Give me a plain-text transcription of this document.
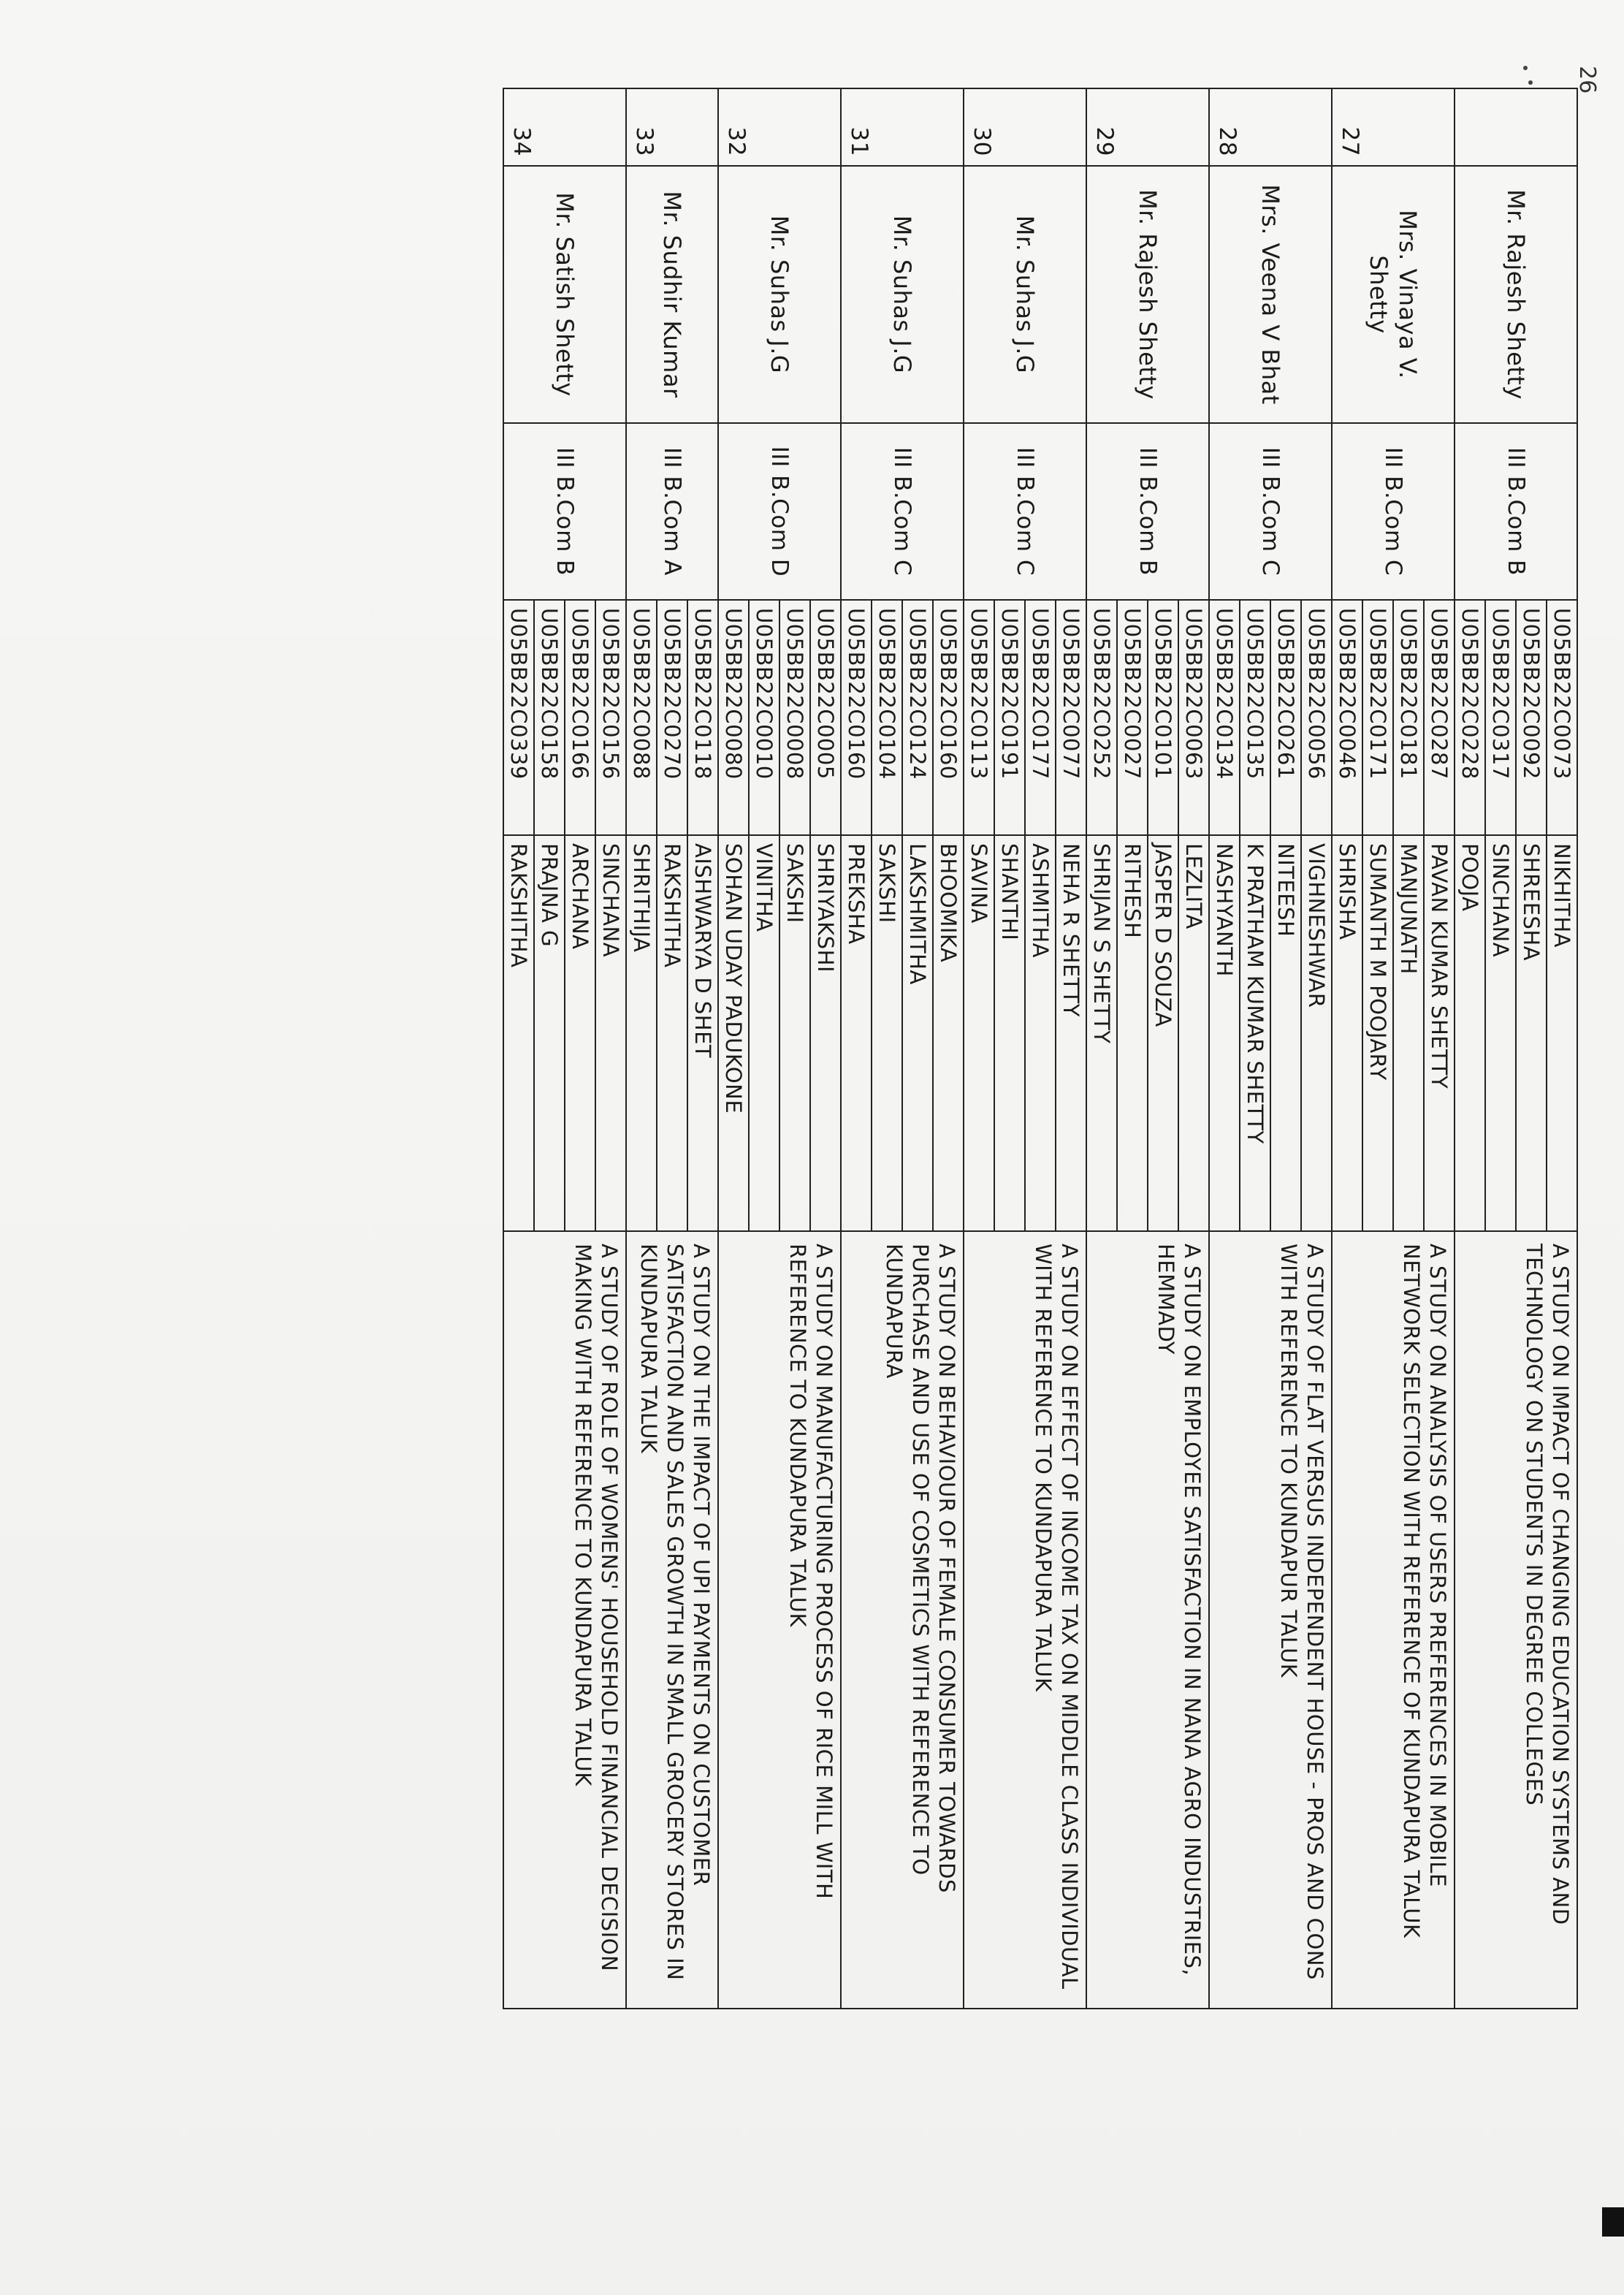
26
	Mr. Rajesh Shetty	III B.Com B	U05BB22C0073	NIKHITHA	A STUDY ON IMPACT OF CHANGING EDUCATION SYSTEMS AND TECHNOLOGY ON STUDENTS IN DEGREE COLLEGES
			U05BB22C0092	SHREESHA	
			U05BB22C0317	SINCHANA	
			U05BB22C0228	POOJA	
27	Mrs. Vinaya V. Shetty	III B.Com C	U05BB22C0287	PAVAN KUMAR SHETTY	A STUDY ON ANALYSIS OF USERS PREFERENCES IN MOBILE NETWORK SELECTION WITH REFERENCE OF KUNDAPURA TALUK
			U05BB22C0181	MANJUNATH	
			U05BB22C0171	SUMANTH M POOJARY	
			U05BB22C0046	SHRISHA	
28	Mrs. Veena V Bhat	III B.Com C	U05BB22C0056	VIGHNESHWAR	A STUDY OF FLAT VERSUS INDEPENDENT HOUSE - PROS AND CONS WITH REFERENCE TO KUNDAPUR TALUK
			U05BB22C0261	NITEESH	
			U05BB22C0135	K PRATHAM KUMAR SHETTY	
			U05BB22C0134	NASHYANTH	
29	Mr. Rajesh Shetty	III B.Com B	U05BB22C0063	LEZLITA	A STUDY ON EMPLOYEE SATISFACTION IN NANA AGRO INDUSTRIES, HEMMADY
			U05BB22C0101	JASPER D SOUZA	
			U05BB22C0027	RITHESH	
			U05BB22C0252	SHRIJAN S SHETTY	
30	Mr. Suhas J.G	III B.Com C	U05BB22C0077	NEHA R SHETTY	A STUDY ON EFFECT OF INCOME TAX ON MIDDLE CLASS INDIVIDUAL WITH REFERENCE TO KUNDAPURA TALUK
			U05BB22C0177	ASHMITHA	
			U05BB22C0191	SHANTHI	
			U05BB22C0113	SAVINA	
31	Mr. Suhas J.G	III B.Com C	U05BB22C0160	BHOOMIKA	A STUDY ON BEHAVIOUR OF FEMALE CONSUMER TOWARDS PURCHASE AND USE OF COSMETICS WITH REFERENCE TO KUNDAPURA
			U05BB22C0124	LAKSHMITHA	
			U05BB22C0104	SAKSHI	
			U05BB22C0160	PREKSHA	
32	Mr. Suhas J.G	III B.Com D	U05BB22C0005	SHRIYAKSHI	A STUDY ON MANUFACTURING PROCESS OF RICE MILL WITH REFERENCE TO KUNDAPURA TALUK
			U05BB22C0008	SAKSHI	
			U05BB22C0010	VINITHA	
			U05BB22C0080	SOHAN UDAY PADUKONE	
33	Mr. Sudhir Kumar	III B.Com A	U05BB22C0118	AISHWARYA D SHET	A STUDY ON THE IMPACT OF UPI PAYMENTS ON CUSTOMER SATISFACTION AND SALES GROWTH IN SMALL GROCERY STORES IN KUNDAPURA TALUK
			U05BB22C0270	RAKSHITHA	
			U05BB22C0088	SHRITHIJA	
34	Mr. Satish Shetty	III B.Com B	U05BB22C0156	SINCHANA	A STUDY OF ROLE OF WOMENS' HOUSEHOLD FINANCIAL DECISION MAKING WITH REFERENCE TO KUNDAPURA TALUK
			U05BB22C0166	ARCHANA	
			U05BB22C0158	PRAJNA G	
			U05BB22C0339	RAKSHITHA	
